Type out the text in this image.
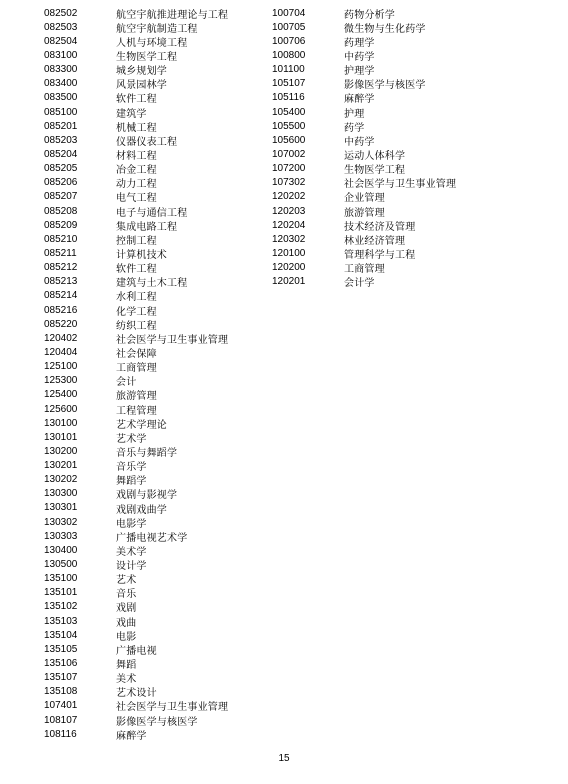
082502	航空宇航推进理论与工程
082503	航空宇航制造工程
082504	人机与环境工程
083100	生物医学工程
083300	城乡规划学
083400	风景园林学
083500	软件工程
085100	建筑学
085201	机械工程
085203	仪器仪表工程
085204	材料工程
085205	冶金工程
085206	动力工程
085207	电气工程
085208	电子与通信工程
085209	集成电路工程
085210	控制工程
085211	计算机技术
085212	软件工程
085213	建筑与土木工程
085214	水利工程
085216	化学工程
085220	纺织工程
120402	社会医学与卫生事业管理
120404	社会保障
125100	工商管理
125300	会计
125400	旅游管理
125600	工程管理
130100	艺术学理论
130101	艺术学
130200	音乐与舞蹈学
130201	音乐学
130202	舞蹈学
130300	戏剧与影视学
130301	戏剧戏曲学
130302	电影学
130303	广播电视艺术学
130400	美术学
130500	设计学
135100	艺术
135101	音乐
135102	戏剧
135103	戏曲
135104	电影
135105	广播电视
135106	舞蹈
135107	美术
135108	艺术设计
107401	社会医学与卫生事业管理
108107	影像医学与核医学
108116	麻醉学
100704	药物分析学
100705	微生物与生化药学
100706	药理学
100800	中药学
101100	护理学
105107	影像医学与核医学
105116	麻醉学
105400	护理
105500	药学
105600	中药学
107002	运动人体科学
107200	生物医学工程
107302	社会医学与卫生事业管理
120202	企业管理
120203	旅游管理
120204	技术经济及管理
120302	林业经济管理
120100	管理科学与工程
120200	工商管理
120201	会计学
15
